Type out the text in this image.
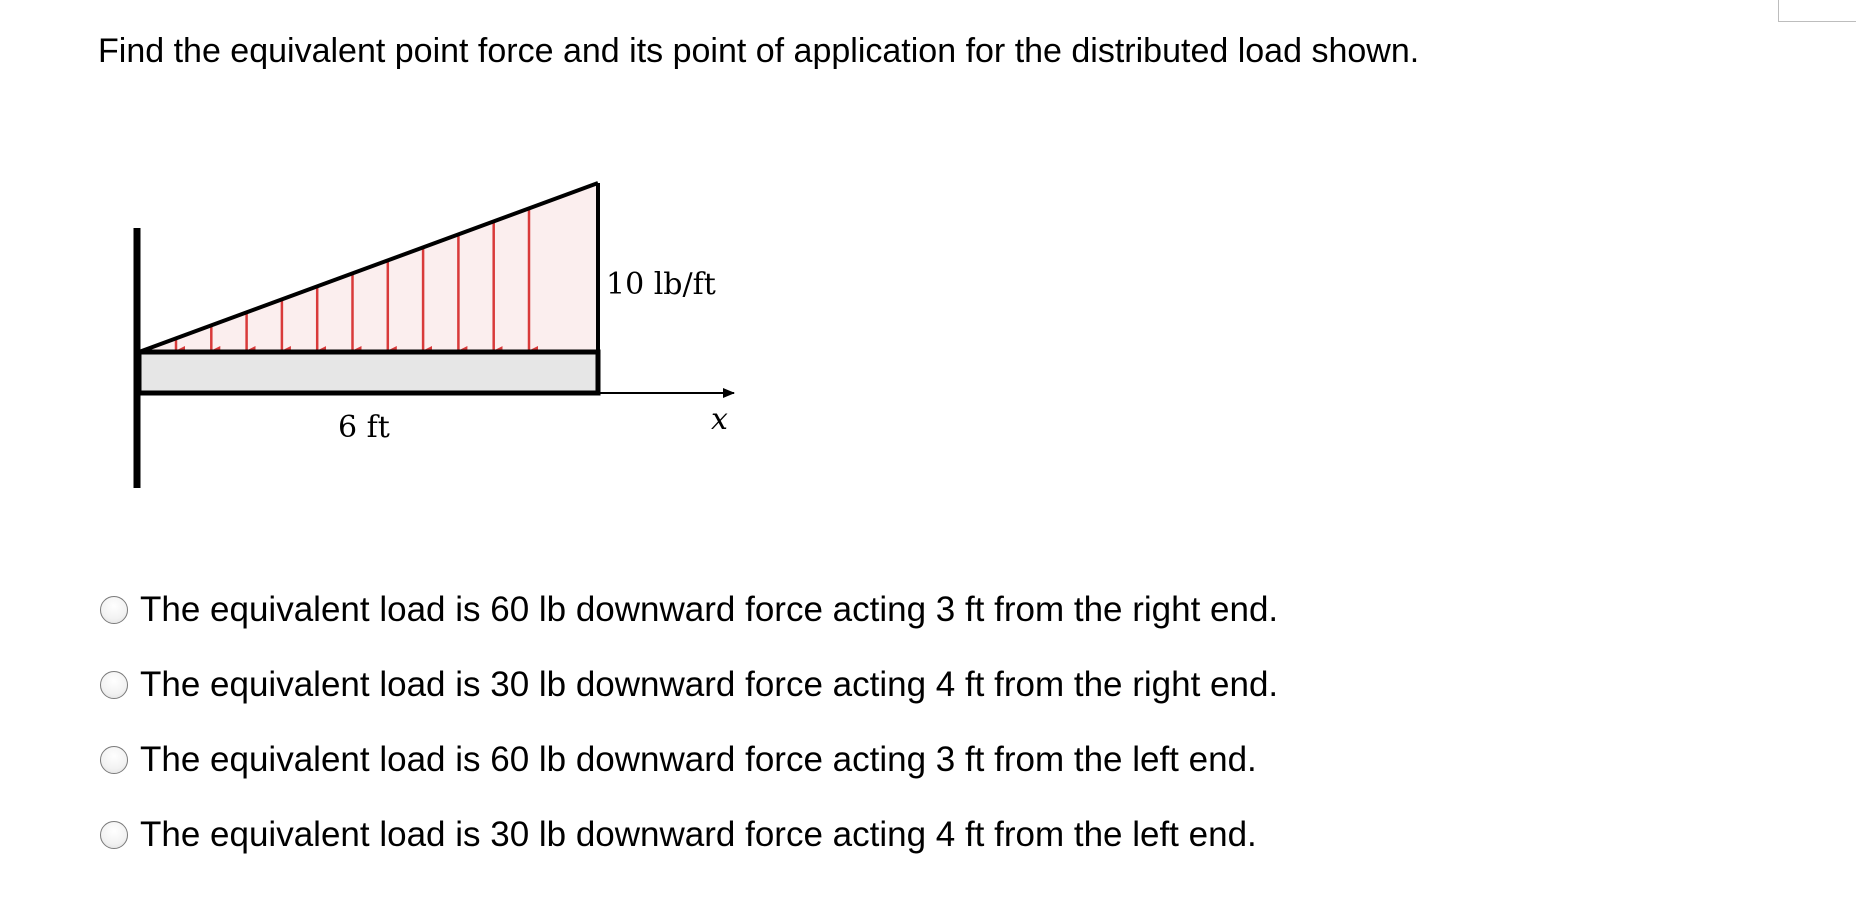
Find the equivalent point force and its point of application for the distributed load shown.
10 lb/ft
6 ft	x
The equivalent load is 60 lb downward force acting 3 ft from the right end.
The equivalent load is 30 lb downward force acting 4 ft from the right end.
The equivalent load is 60 lb downward force acting 3 ft from the left end.
The equivalent load is 30 lb downward force acting 4 ft from the left end.
